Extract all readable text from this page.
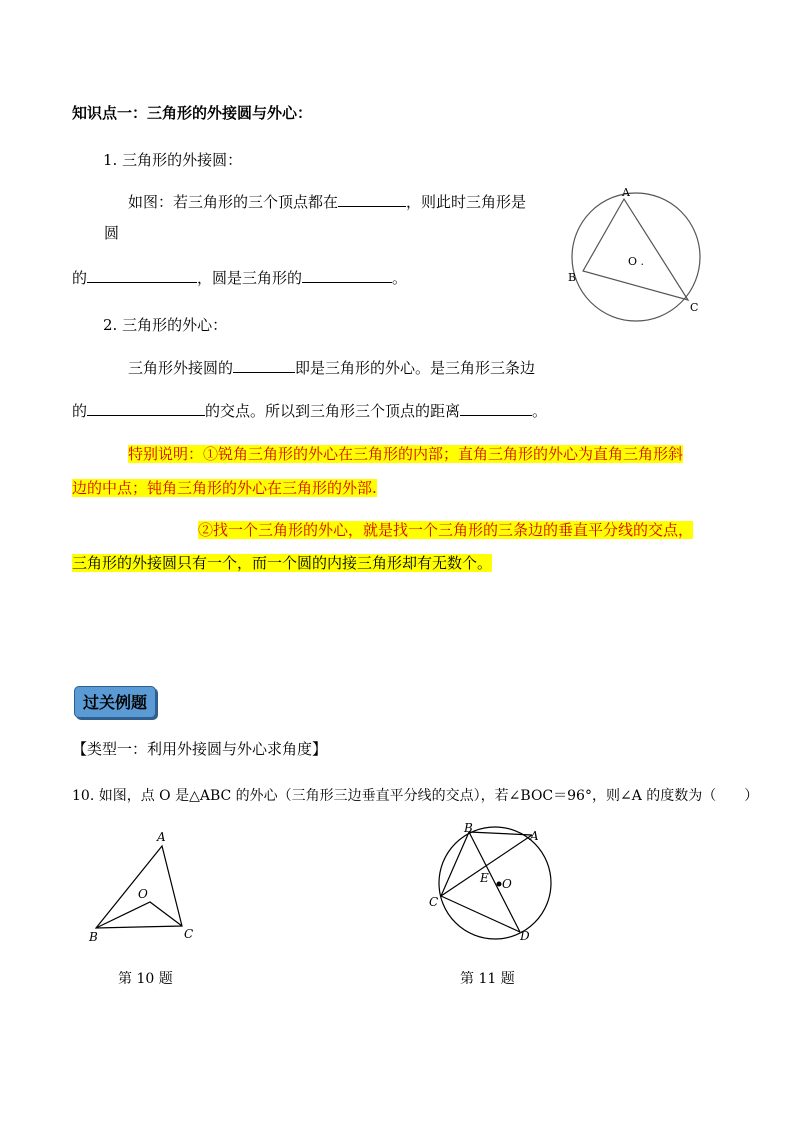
知识点一：三角形的外接圆与外心：
1. 三角形的外接圆：
如图：若三角形的三个顶点都在	，则此时三角形是
圆
的	，圆是三角形的	。
A
B
C
O .
2. 三角形的外心：
三角形外接圆的	即是三角形的外心。是三角形三条边
的	的交点。所以到三角形三个顶点的距离	。
特别说明：①锐角三角形的外心在三角形的内部；直角三角形的外心为直角三角形斜
边的中点；钝角三角形的外心在三角形的外部.
②找一个三角形的外心，就是找一个三角形的三条边的垂直平分线的交点，
三角形的外接圆只有一个，而一个圆的内接三角形却有无数个。
过关例题
【类型一：利用外接圆与外心求角度】
10. 如图，点 O 是△ABC 的外心（三角形三边垂直平分线的交点），若∠BOC＝96°，则∠A 的度数为（　　）
A
B	C
O
第 10 题
B
A
C
D
E O
第 11 题
